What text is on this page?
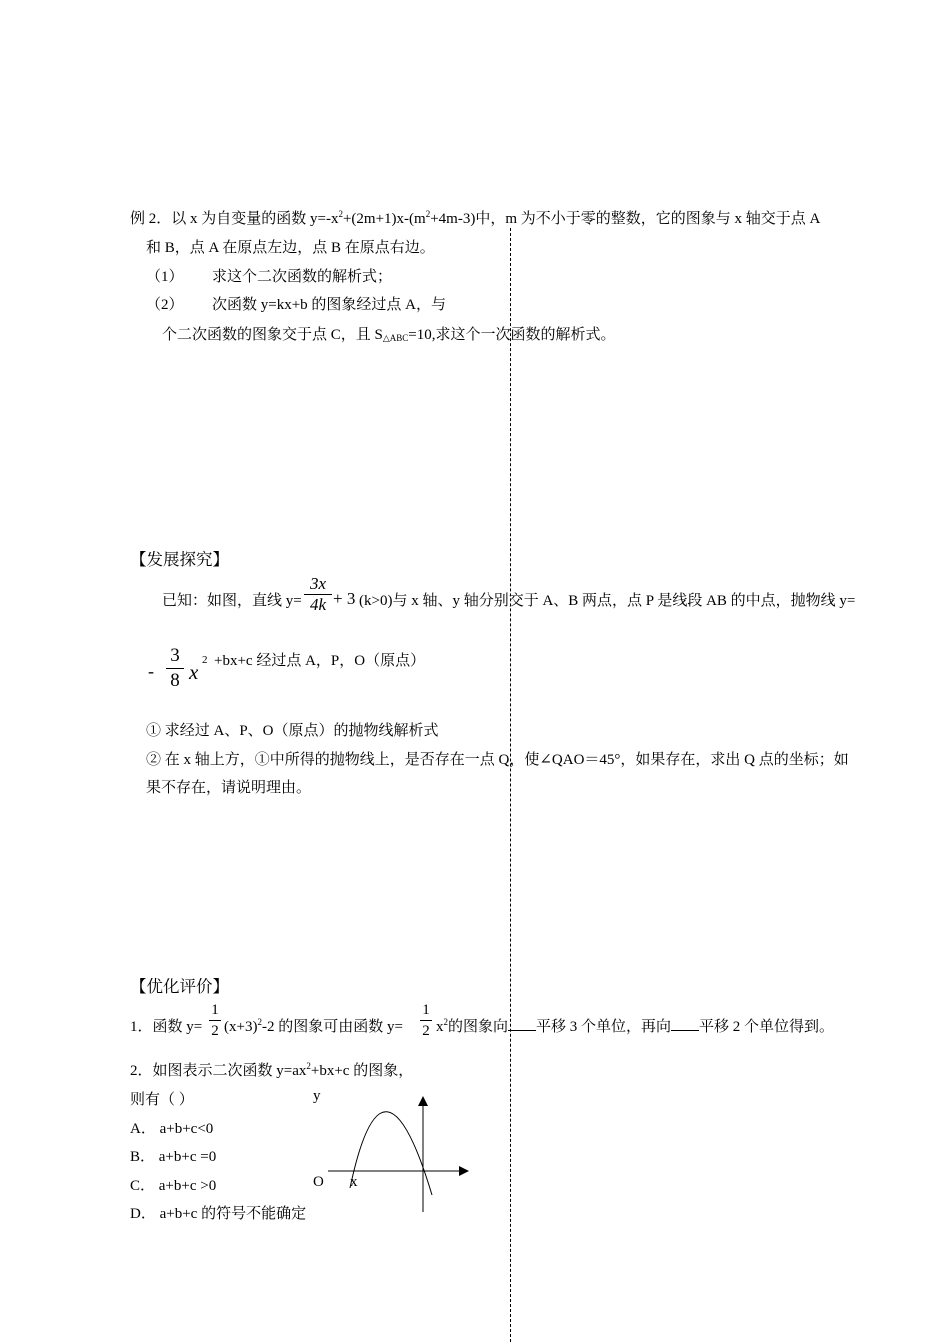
例 2．以 x 为自变量的函数 $y=-x^2+(2m+1)x-(m^2+4m-3)$中，m 为不小于零的整数，它的图象与 x 轴交于点 A
和 B，点 A 在原点左边，点 B 在原点右边。
（1） 求这个二次函数的解析式；
（2） 次函数 y=kx+b 的图象经过点 A，与
个二次函数的图象交于点 C，且 $S_{\triangle ABC}=10$,求这个一次函数的解析式。
【发展探究】
已知：如图，直线 y=
3x
4k + 3 (k>0)与 x 轴、y 轴分别交于 A、B 两点，点 P 是线段 AB 的中点，抛物线 y=
-
3
8 x 2 +bx+c 经过点 A，P，O（原点）
① 求经过 A、P、O（原点）的抛物线解析式
② 在 x 轴上方，①中所得的抛物线上，是否存在一点 Q，使∠QAO＝45°，如果存在，求出 Q 点的坐标；如
果不存在，请说明理由。
【优化评价】
1．函数 y=
1
2 $(x+3)^2-2$ 的图象可由函数 y=
1
2 $x^2$的图象向 平移 3 个单位，再向 平移 2 个单位得到。
2．如图表示二次函数 $y=ax^2+bx+c$ 的图象，
则有（ ）	y
A． a+b+c<0
B． a+b+c =0
C． a+b+c >0	O
D． a+b+c 的符号不能确定
x
